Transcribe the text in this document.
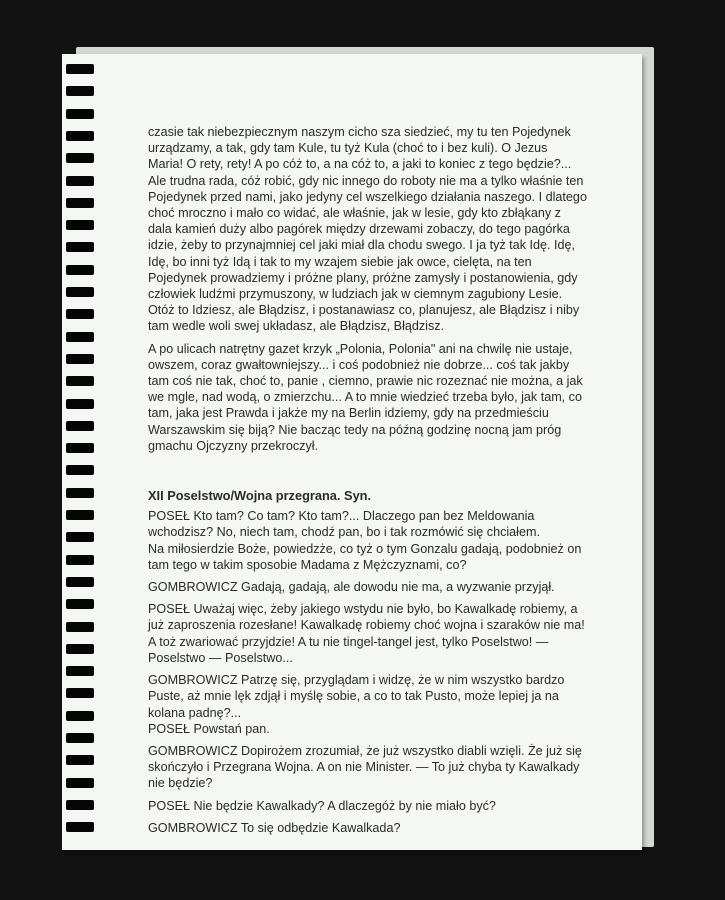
czasie tak niebezpiecznym naszym cicho sza siedzieć, my tu ten Pojedynek
urządzamy, a tak, gdy tam Kule, tu tyż Kula (choć to i bez kuli). O Jezus
Maria! O rety, rety! A po cóż to, a na cóż to, a jaki to koniec z tego będzie?...
Ale trudna rada, cóż robić, gdy nic innego do roboty nie ma a tylko właśnie ten
Pojedynek przed nami, jako jedyny cel wszelkiego działania naszego. I dlatego
choć mroczno i mało co widać, ale właśnie, jak w lesie, gdy kto zbłąkany z
dala kamień duży albo pagórek między drzewami zobaczy, do tego pagórka
idzie, żeby to przynajmniej cel jaki miał dla chodu swego. I ja tyż tak Idę. Idę,
Idę, bo inni tyż Idą i tak to my wzajem siebie jak owce, cielęta, na ten
Pojedynek prowadziemy i próżne plany, próżne zamysły i postanowienia, gdy
człowiek ludźmi przymuszony, w ludziach jak w ciemnym zagubiony Lesie.
Otóż to Idziesz, ale Błądzisz, i postanawiasz co, planujesz, ale Błądzisz i niby
tam wedle woli swej układasz, ale Błądzisz, Błądzisz.
A po ulicach natrętny gazet krzyk „Polonia, Polonia" ani na chwilę nie ustaje,
owszem, coraz gwałtowniejszy... i coś podobnież nie dobrze... coś tak jakby
tam coś nie tak, choć to, panie , ciemno, prawie nic rozeznać nie można, a jak
we mgle, nad wodą, o zmierzchu... A to mnie wiedzieć trzeba było, jak tam, co
tam, jaka jest Prawda i jakże my na Berlin idziemy, gdy na przedmieściu
Warszawskim się biją? Nie bacząc tedy na późną godzinę nocną jam próg
gmachu Ojczyzny przekroczył.
XII Poselstwo/Wojna przegrana. Syn.
POSEŁ Kto tam? Co tam? Kto tam?... Dlaczego pan bez Meldowania
wchodzisz? No, niech tam, chodź pan, bo i tak rozmówić się chciałem.
Na miłosierdzie Boże, powiedzże, co tyż o tym Gonzalu gadają, podobnież on
tam tego w takim sposobie Madama z Mężczyznami, co?
GOMBROWICZ Gadają, gadają, ale dowodu nie ma, a wyzwanie przyjął.
POSEŁ Uważaj więc, żeby jakiego wstydu nie było, bo Kawalkadę robiemy, a
już zaproszenia rozesłane! Kawalkadę robiemy choć wojna i szaraków nie ma!
A toż zwariować przyjdzie! A tu nie tingel-tangel jest, tylko Poselstwo! —
Poselstwo — Poselstwo...
GOMBROWICZ Patrzę się, przyglądam i widzę, że w nim wszystko bardzo
Puste, aż mnie lęk zdjął i myślę sobie, a co to tak Pusto, może lepiej ja na
kolana padnę?...
POSEŁ Powstań pan.
GOMBROWICZ Dopirożem zrozumiał, że już wszystko diabli wzięli. Że już się
skończyło i Przegrana Wojna. A on nie Minister. — To już chyba ty Kawalkady
nie będzie?
POSEŁ Nie będzie Kawalkady? A dlaczegóż by nie miało być?
GOMBROWICZ To się odbędzie Kawalkada?
